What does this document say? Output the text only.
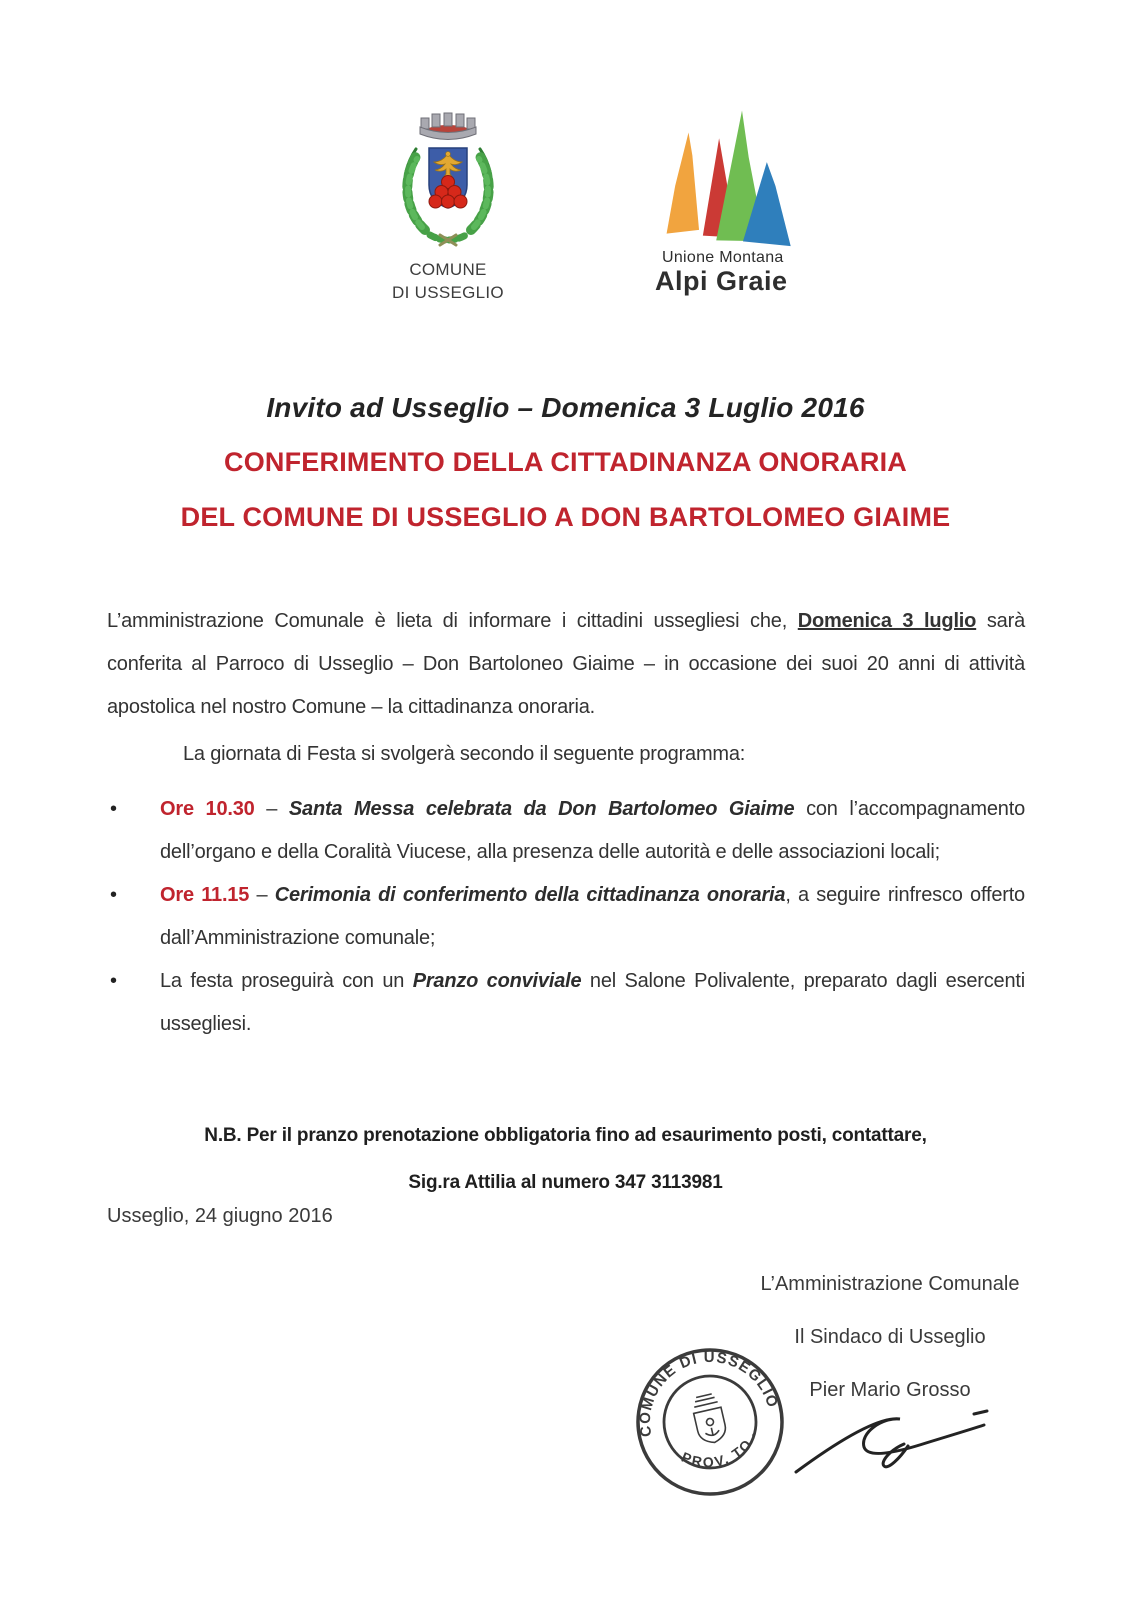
COMUNE
DI USSEGLIO
Unione Montana
Alpi Graie
Invito ad Usseglio – Domenica 3 Luglio 2016
CONFERIMENTO DELLA CITTADINANZA ONORARIA
DEL COMUNE DI USSEGLIO A DON BARTOLOMEO GIAIME

L’amministrazione Comunale è lieta di informare i cittadini ussegliesi che, Domenica 3 luglio sarà conferita al Parroco di Usseglio – Don Bartoloneo Giaime – in occasione dei suoi 20 anni di attività apostolica nel nostro Comune – la cittadinanza onoraria.

La giornata di Festa si svolgerà secondo il seguente programma:

• Ore 10.30 – Santa Messa celebrata da Don Bartolomeo Giaime con l’accompagnamento dell’organo e della Coralità Viucese, alla presenza delle autorità e delle associazioni locali;
• Ore 11.15 – Cerimonia di conferimento della cittadinanza onoraria, a seguire rinfresco offerto dall’Amministrazione comunale;
• La festa proseguirà con un Pranzo conviviale nel Salone Polivalente, preparato dagli esercenti ussegliesi.
N.B. Per il pranzo prenotazione obbligatoria fino ad esaurimento posti, contattare,
Sig.ra Attilia al numero 347 3113981
Usseglio, 24 giugno 2016
L’Amministrazione Comunale
Il Sindaco di Usseglio
Pier Mario Grosso
COMUNE DI USSEGLIO
· PROV. TO ·
